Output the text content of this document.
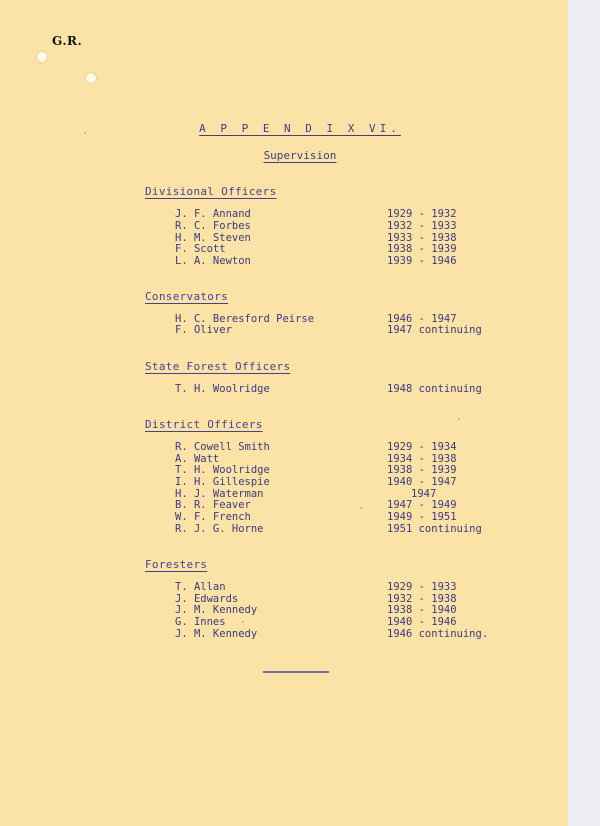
G.R.
A P P E N D I X VI.
Supervision
Divisional Officers
J. F. Annand	1929 - 1932
R. C. Forbes	1932 - 1933
H. M. Steven	1933 - 1938
F. Scott	1938 - 1939
L. A. Newton	1939 - 1946
Conservators
H. C. Beresford Peirse	1946 - 1947
F. Oliver	1947 continuing
State Forest Officers
T. H. Woolridge	1948 continuing
District Officers
R. Cowell Smith	1929 - 1934
A. Watt	1934 - 1938
T. H. Woolridge	1938 - 1939
I. H. Gillespie	1940 - 1947
H. J. Waterman	1947
B. R. Feaver	1947 - 1949
W. F. French	1949 - 1951
R. J. G. Horne	1951 continuing
Foresters
T. Allan	1929 - 1933
J. Edwards	1932 - 1938
J. M. Kennedy	1938 - 1940
G. Innes	1940 - 1946
J. M. Kennedy	1946 continuing.
